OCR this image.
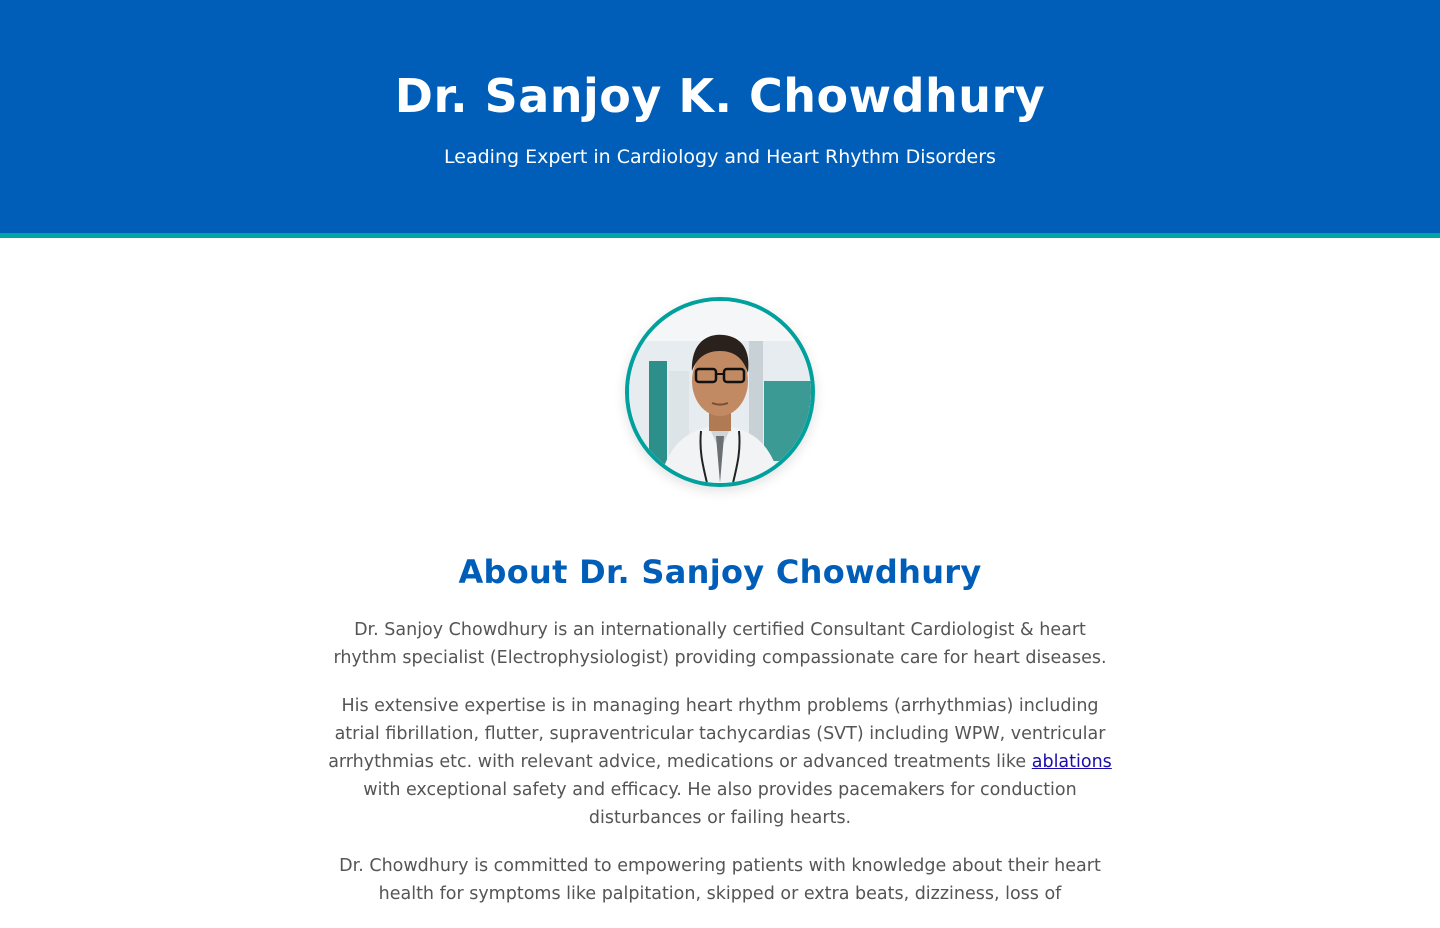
Dr. Sanjoy K. Chowdhury

Leading Expert in Cardiology and Heart Rhythm Disorders

About Dr. Sanjoy Chowdhury

Dr. Sanjoy Chowdhury is an internationally certified Consultant Cardiologist & heart rhythm specialist (Electrophysiologist) providing compassionate care for heart diseases.

His extensive expertise is in managing heart rhythm problems (arrhythmias) including atrial fibrillation, flutter, supraventricular tachycardias (SVT) including WPW, ventricular arrhythmias etc. with relevant advice, medications or advanced treatments like ablations with exceptional safety and efficacy. He also provides pacemakers for conduction disturbances or failing hearts.

Dr. Chowdhury is committed to empowering patients with knowledge about their heart health for symptoms like palpitation, skipped or extra beats, dizziness, loss of
